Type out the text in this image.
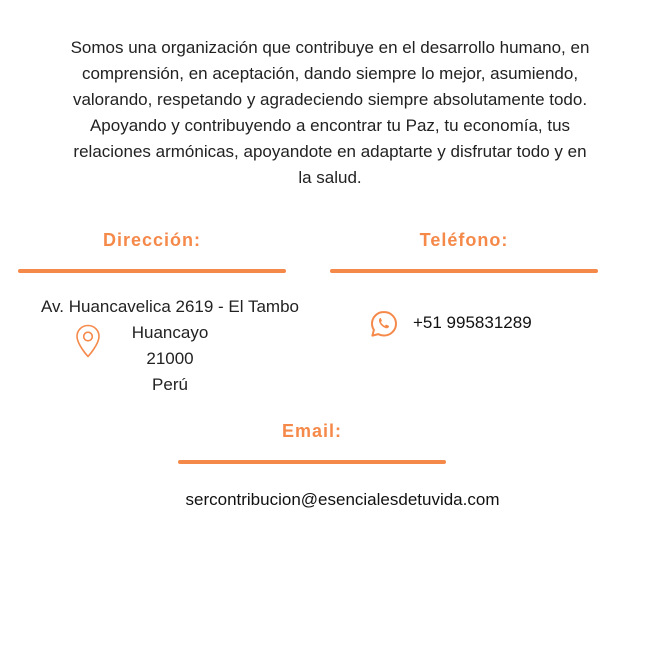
Somos una organización que contribuye en el desarrollo humano, en
comprensión, en aceptación, dando siempre lo mejor, asumiendo,
valorando, respetando y agradeciendo siempre absolutamente todo.
Apoyando y contribuyendo a encontrar tu Paz, tu economía, tus
relaciones armónicas, apoyandote en adaptarte y disfrutar todo y en
la salud.
Dirección:
Av. Huancavelica 2619 - El Tambo
Huancayo
21000
Perú
Teléfono:
+51 995831289
Email:
sercontribucion@esencialesdetuvida.com
